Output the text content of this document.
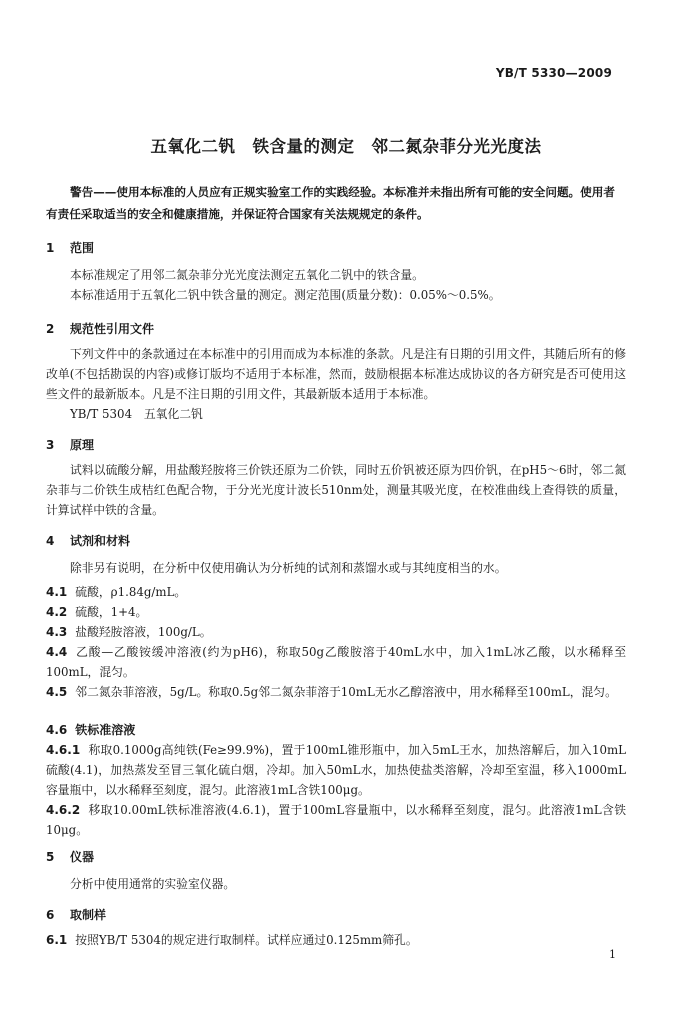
YB/T 5330—2009
五氧化二钒　铁含量的测定　邻二氮杂菲分光光度法
警告——使用本标准的人员应有正规实验室工作的实践经验。本标准并未指出所有可能的安全问题。使用者有责任采取适当的安全和健康措施，并保证符合国家有关法规规定的条件。
1 范围
本标准规定了用邻二氮杂菲分光光度法测定五氧化二钒中的铁含量。
本标准适用于五氧化二钒中铁含量的测定。测定范围(质量分数)：0.05%～0.5%。
2 规范性引用文件
下列文件中的条款通过在本标准中的引用而成为本标准的条款。凡是注有日期的引用文件，其随后所有的修改单(不包括勘误的内容)或修订版均不适用于本标准，然而，鼓励根据本标准达成协议的各方研究是否可使用这些文件的最新版本。凡是不注日期的引用文件，其最新版本适用于本标准。
YB/T 5304　五氧化二钒
3 原理
试料以硫酸分解，用盐酸羟胺将三价铁还原为二价铁，同时五价钒被还原为四价钒，在pH5～6时，邻二氮杂菲与二价铁生成桔红色配合物，于分光光度计波长510nm处，测量其吸光度，在校准曲线上查得铁的质量，计算试样中铁的含量。
4 试剂和材料
除非另有说明，在分析中仅使用确认为分析纯的试剂和蒸馏水或与其纯度相当的水。
4.1 硫酸，ρ1.84g/mL。
4.2 硫酸，1+4。
4.3 盐酸羟胺溶液，100g/L。
4.4 乙酸—乙酸铵缓冲溶液(约为pH6)，称取50g乙酸胺溶于40mL水中，加入1mL冰乙酸，以水稀释至100mL，混匀。
4.5 邻二氮杂菲溶液，5g/L。称取0.5g邻二氮杂菲溶于10mL无水乙醇溶液中，用水稀释至100mL，混匀。
4.6 铁标准溶液
4.6.1 称取0.1000g高纯铁(Fe≥99.9%)，置于100mL锥形瓶中，加入5mL王水，加热溶解后，加入10mL硫酸(4.1)，加热蒸发至冒三氧化硫白烟，冷却。加入50mL水，加热使盐类溶解，冷却至室温，移入1000mL容量瓶中，以水稀释至刻度，混匀。此溶液1mL含铁100μg。
4.6.2 移取10.00mL铁标准溶液(4.6.1)，置于100mL容量瓶中，以水稀释至刻度，混匀。此溶液1mL含铁10μg。
5 仪器
分析中使用通常的实验室仪器。
6 取制样
6.1 按照YB/T 5304的规定进行取制样。试样应通过0.125mm筛孔。
1
